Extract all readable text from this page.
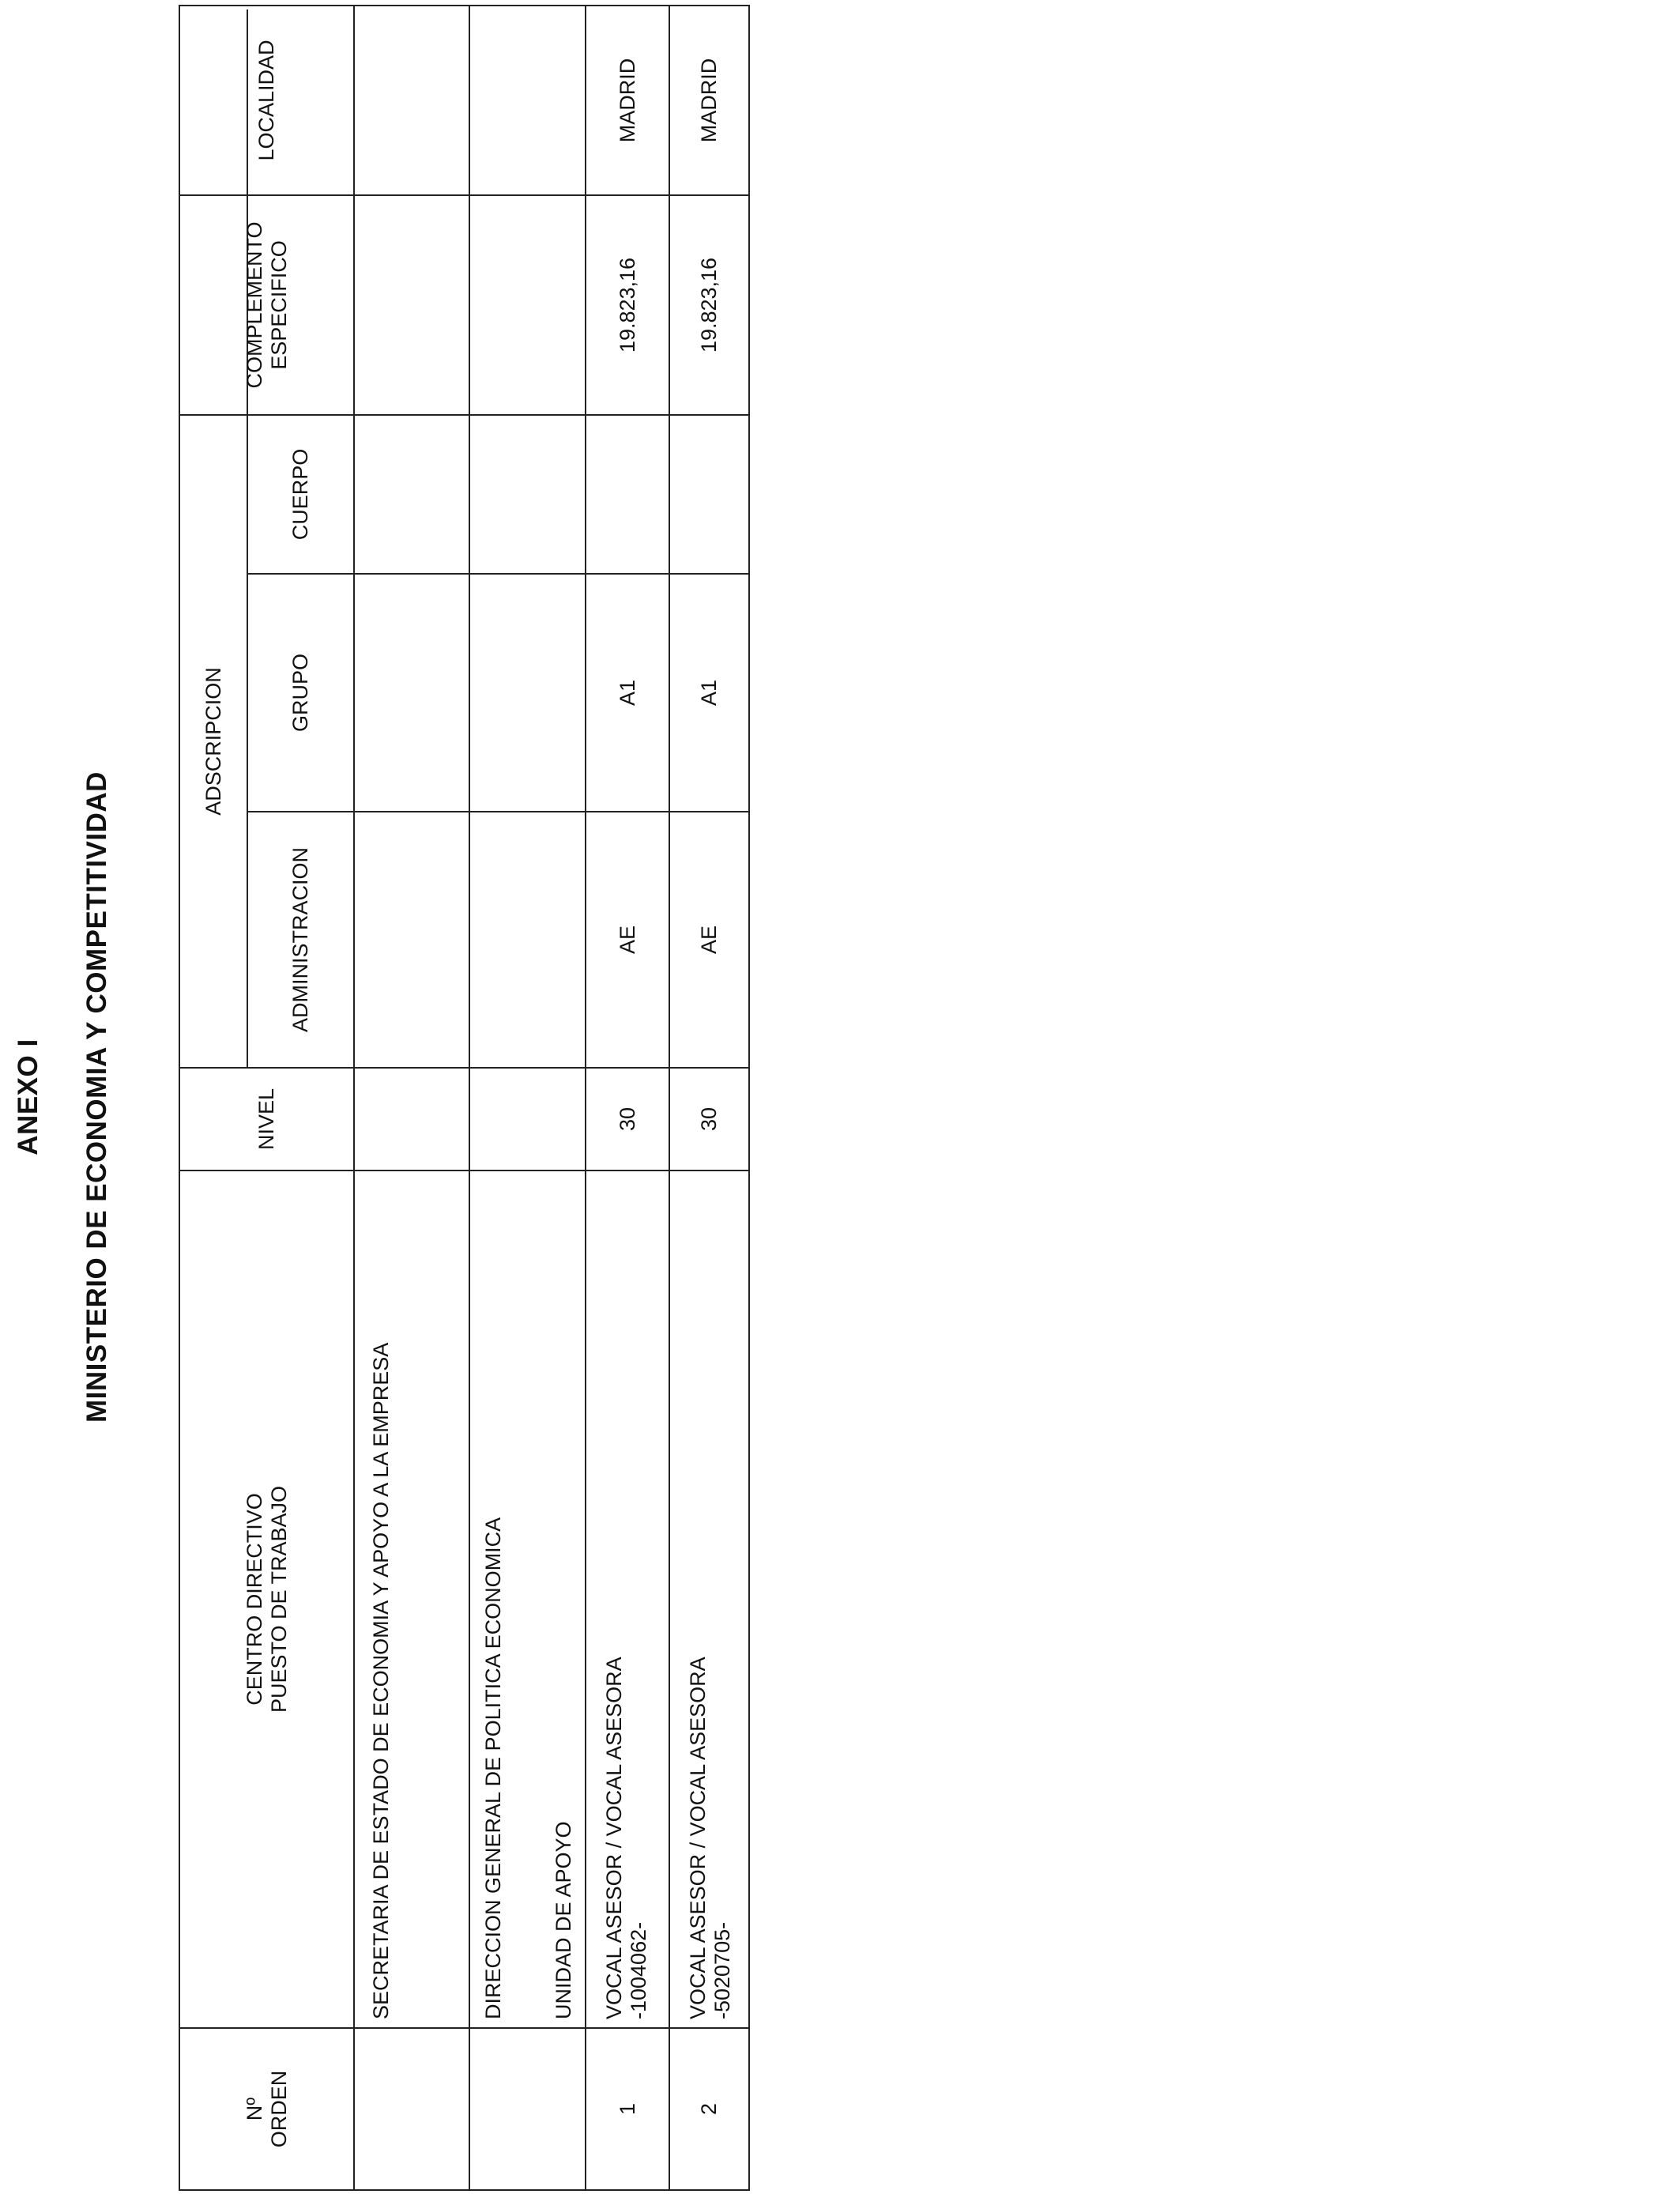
ANEXO I MINISTERIO DE ECONOMIA Y COMPETITIVIDAD
Nº ORDEN
CENTRO DIRECTIVO PUESTO DE TRABAJO
NIVEL
ADSCRIPCION
ADMINISTRACION
GRUPO
CUERPO
COMPLEMENTO ESPECIFICO
LOCALIDAD
SECRETARIA DE ESTADO DE ECONOMIA Y APOYO A LA EMPRESA	DIRECCION GENERAL DE POLITICA ECONOMICA UNIDAD DE APOYO
1
VOCAL ASESOR / VOCAL ASESORA -1004062-
30
AE
A1
19.823,16
MADRID
2
VOCAL ASESOR / VOCAL ASESORA -5020705-
30
AE
A1
19.823,16
MADRID
